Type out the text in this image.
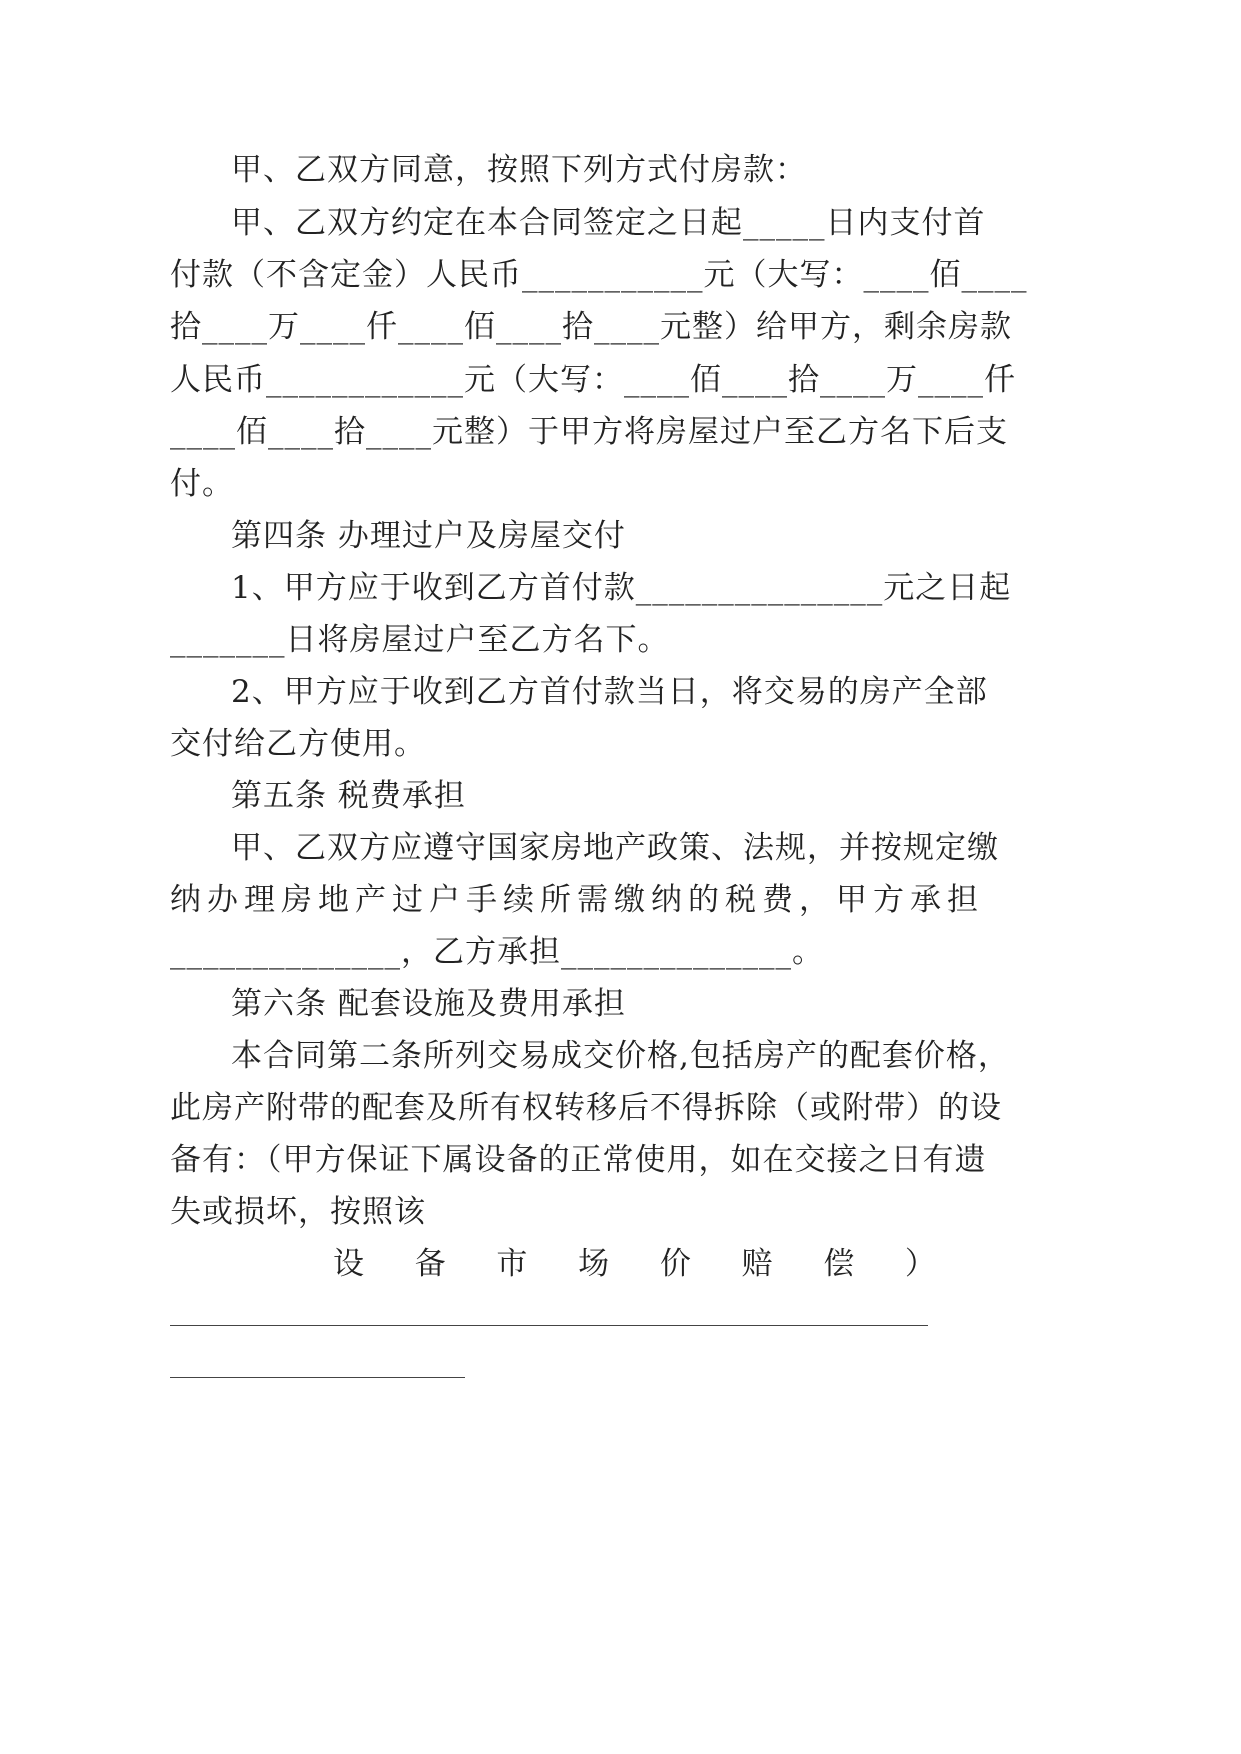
甲、乙双方同意，按照下列方式付房款：
甲、乙双方约定在本合同签定之日起_____日内支付首
付款（不含定金）人民币___________元（大写：____佰____
拾____万____仟____佰____拾____元整）给甲方，剩余房款
人民币____________元（大写：____佰____拾____万____仟
____佰____拾____元整）于甲方将房屋过户至乙方名下后支
付。
第四条 办理过户及房屋交付
1、甲方应于收到乙方首付款_______________元之日起
_______日将房屋过户至乙方名下。
2、甲方应于收到乙方首付款当日，将交易的房产全部
交付给乙方使用。
第五条 税费承担
甲、乙双方应遵守国家房地产政策、法规，并按规定缴
纳办理房地产过户手续所需缴纳的税费，甲方承担
______________，乙方承担______________。
第六条 配套设施及费用承担
本合同第二条所列交易成交价格,包括房产的配套价格，
此房产附带的配套及所有权转移后不得拆除（或附带）的设
备有：（甲方保证下属设备的正常使用，如在交接之日有遗
失或损坏，按照该
设 备 市 场 价 赔 偿 ）
